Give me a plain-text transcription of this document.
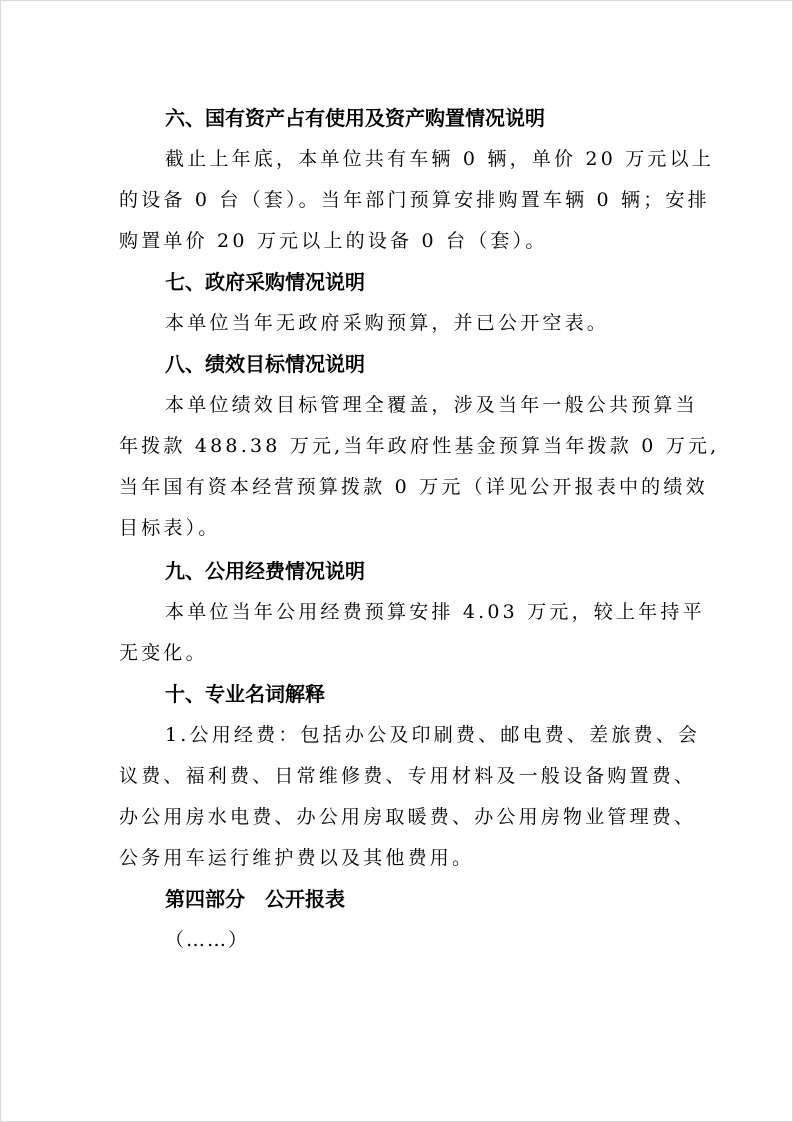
六、国有资产占有使用及资产购置情况说明

截止上年底，本单位共有车辆 0 辆，单价 20 万元以上
的设备 0 台（套）。当年部门预算安排购置车辆 0 辆；安排
购置单价 20 万元以上的设备 0 台（套）。

七、政府采购情况说明

本单位当年无政府采购预算，并已公开空表。

八、绩效目标情况说明

本单位绩效目标管理全覆盖，涉及当年一般公共预算当
年拨款 488.38 万元,当年政府性基金预算当年拨款 0 万元,
当年国有资本经营预算拨款 0 万元（详见公开报表中的绩效
目标表）。

九、公用经费情况说明

本单位当年公用经费预算安排 4.03 万元，较上年持平
无变化。

十、专业名词解释

1.公用经费：包括办公及印刷费、邮电费、差旅费、会
议费、福利费、日常维修费、专用材料及一般设备购置费、
办公用房水电费、办公用房取暖费、办公用房物业管理费、
公务用车运行维护费以及其他费用。

第四部分　公开报表

（……）
